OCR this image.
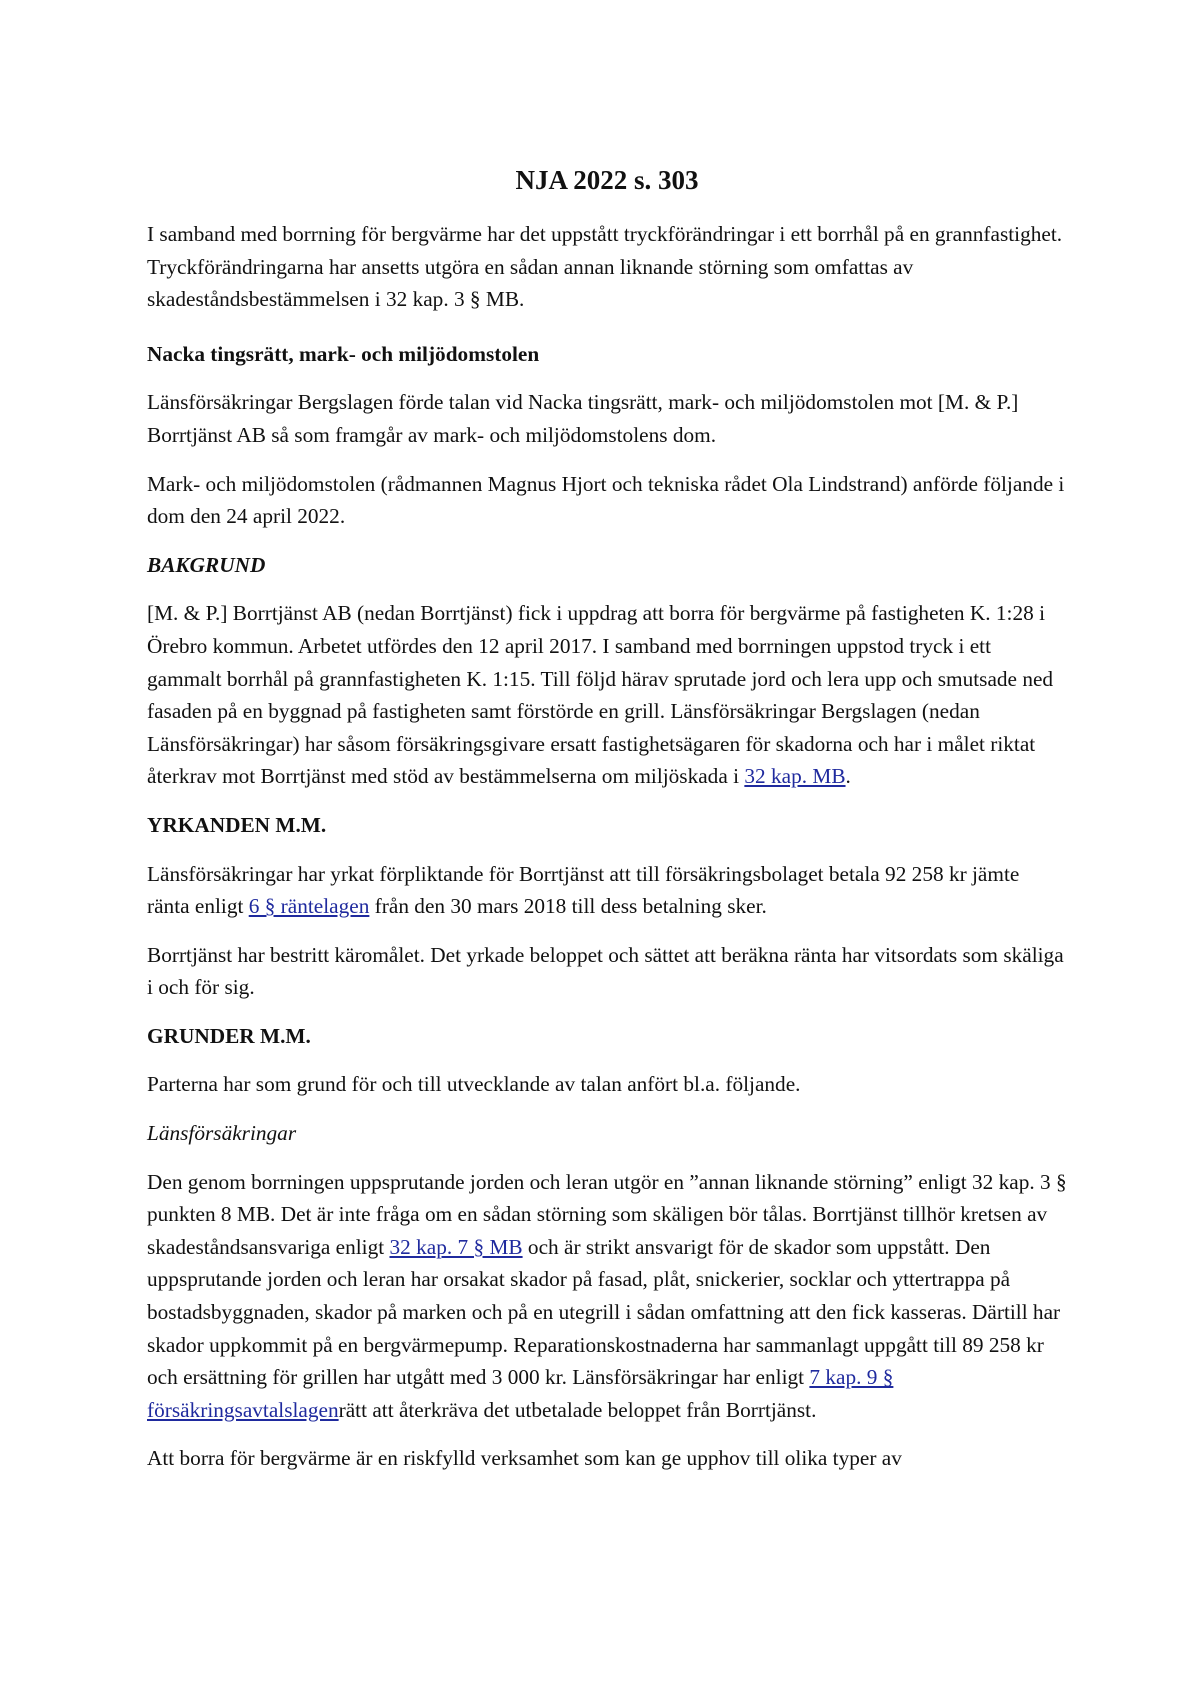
NJA 2022 s. 303

I samband med borrning för bergvärme har det uppstått tryckförändringar i ett borrhål på en grannfastighet. Tryckförändringarna har ansetts utgöra en sådan annan liknande störning som omfattas av skadeståndsbestämmelsen i 32 kap. 3 § MB.

Nacka tingsrätt, mark- och miljödomstolen

Länsförsäkringar Bergslagen förde talan vid Nacka tingsrätt, mark- och miljödomstolen mot [M. & P.] Borrtjänst AB så som framgår av mark- och miljödomstolens dom.

Mark- och miljödomstolen (rådmannen Magnus Hjort och tekniska rådet Ola Lindstrand) anförde följande i dom den 24 april 2022.

BAKGRUND

[M. & P.] Borrtjänst AB (nedan Borrtjänst) fick i uppdrag att borra för bergvärme på fastigheten K. 1:28 i Örebro kommun. Arbetet utfördes den 12 april 2017. I samband med borrningen uppstod tryck i ett gammalt borrhål på grannfastigheten K. 1:15. Till följd härav sprutade jord och lera upp och smutsade ned fasaden på en byggnad på fastigheten samt förstörde en grill. Länsförsäkringar Bergslagen (nedan Länsförsäkringar) har såsom försäkringsgivare ersatt fastighetsägaren för skadorna och har i målet riktat återkrav mot Borrtjänst med stöd av bestämmelserna om miljöskada i 32 kap. MB.

YRKANDEN M.M.

Länsförsäkringar har yrkat förpliktande för Borrtjänst att till försäkringsbolaget betala 92 258 kr jämte ränta enligt 6 § räntelagen från den 30 mars 2018 till dess betalning sker.

Borrtjänst har bestritt käromålet. Det yrkade beloppet och sättet att beräkna ränta har vitsordats som skäliga i och för sig.

GRUNDER M.M.

Parterna har som grund för och till utvecklande av talan anfört bl.a. följande.

Länsförsäkringar

Den genom borrningen uppsprutande jorden och leran utgör en ”annan liknande störning” enligt 32 kap. 3 § punkten 8 MB. Det är inte fråga om en sådan störning som skäligen bör tålas. Borrtjänst tillhör kretsen av skadeståndsansvariga enligt 32 kap. 7 § MB och är strikt ansvarigt för de skador som uppstått. Den uppsprutande jorden och leran har orsakat skador på fasad, plåt, snickerier, socklar och yttertrappa på bostadsbyggnaden, skador på marken och på en utegrill i sådan omfattning att den fick kasseras. Därtill har skador uppkommit på en bergvärmepump. Reparationskostnaderna har sammanlagt uppgått till 89 258 kr och ersättning för grillen har utgått med 3 000 kr. Länsförsäkringar har enligt 7 kap. 9 § försäkringsavtalslagenrätt att återkräva det utbetalade beloppet från Borrtjänst.

Att borra för bergvärme är en riskfylld verksamhet som kan ge upphov till olika typer av
